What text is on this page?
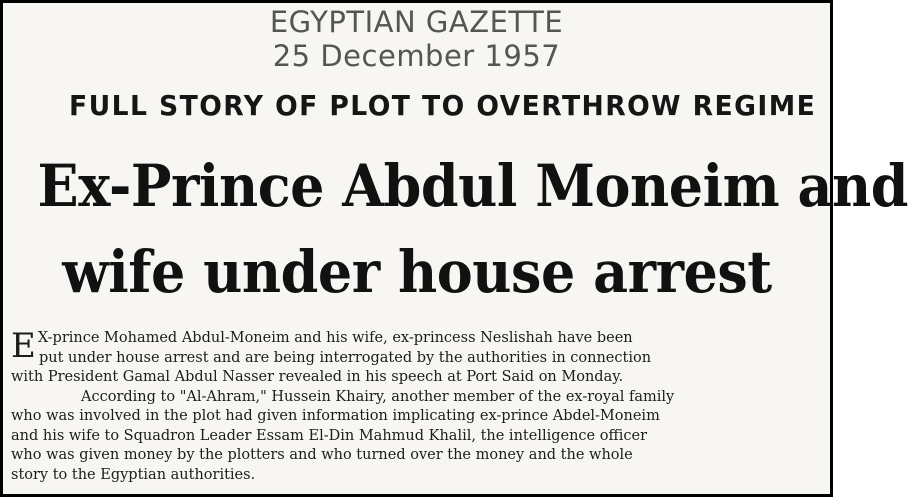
EGYPTIAN GAZETTE
25 December 1957
FULL STORY OF PLOT TO OVERTHROW REGIME
Ex-Prince Abdul Moneim and
wife under house arrest
E X-prince Mohamed Abdul-Moneim and his wife, ex-princess Neslishah have been
put under house arrest and are being interrogated by the authorities in connection
with President Gamal Abdul Nasser revealed in his speech at Port Said on Monday.
According to "Al-Ahram," Hussein Khairy, another member of the ex-royal family
who was involved in the plot had given information implicating ex-prince Abdel-Moneim
and his wife to Squadron Leader Essam El-Din Mahmud Khalil, the intelligence officer
who was given money by the plotters and who turned over the money and the whole
story to the Egyptian authorities.
